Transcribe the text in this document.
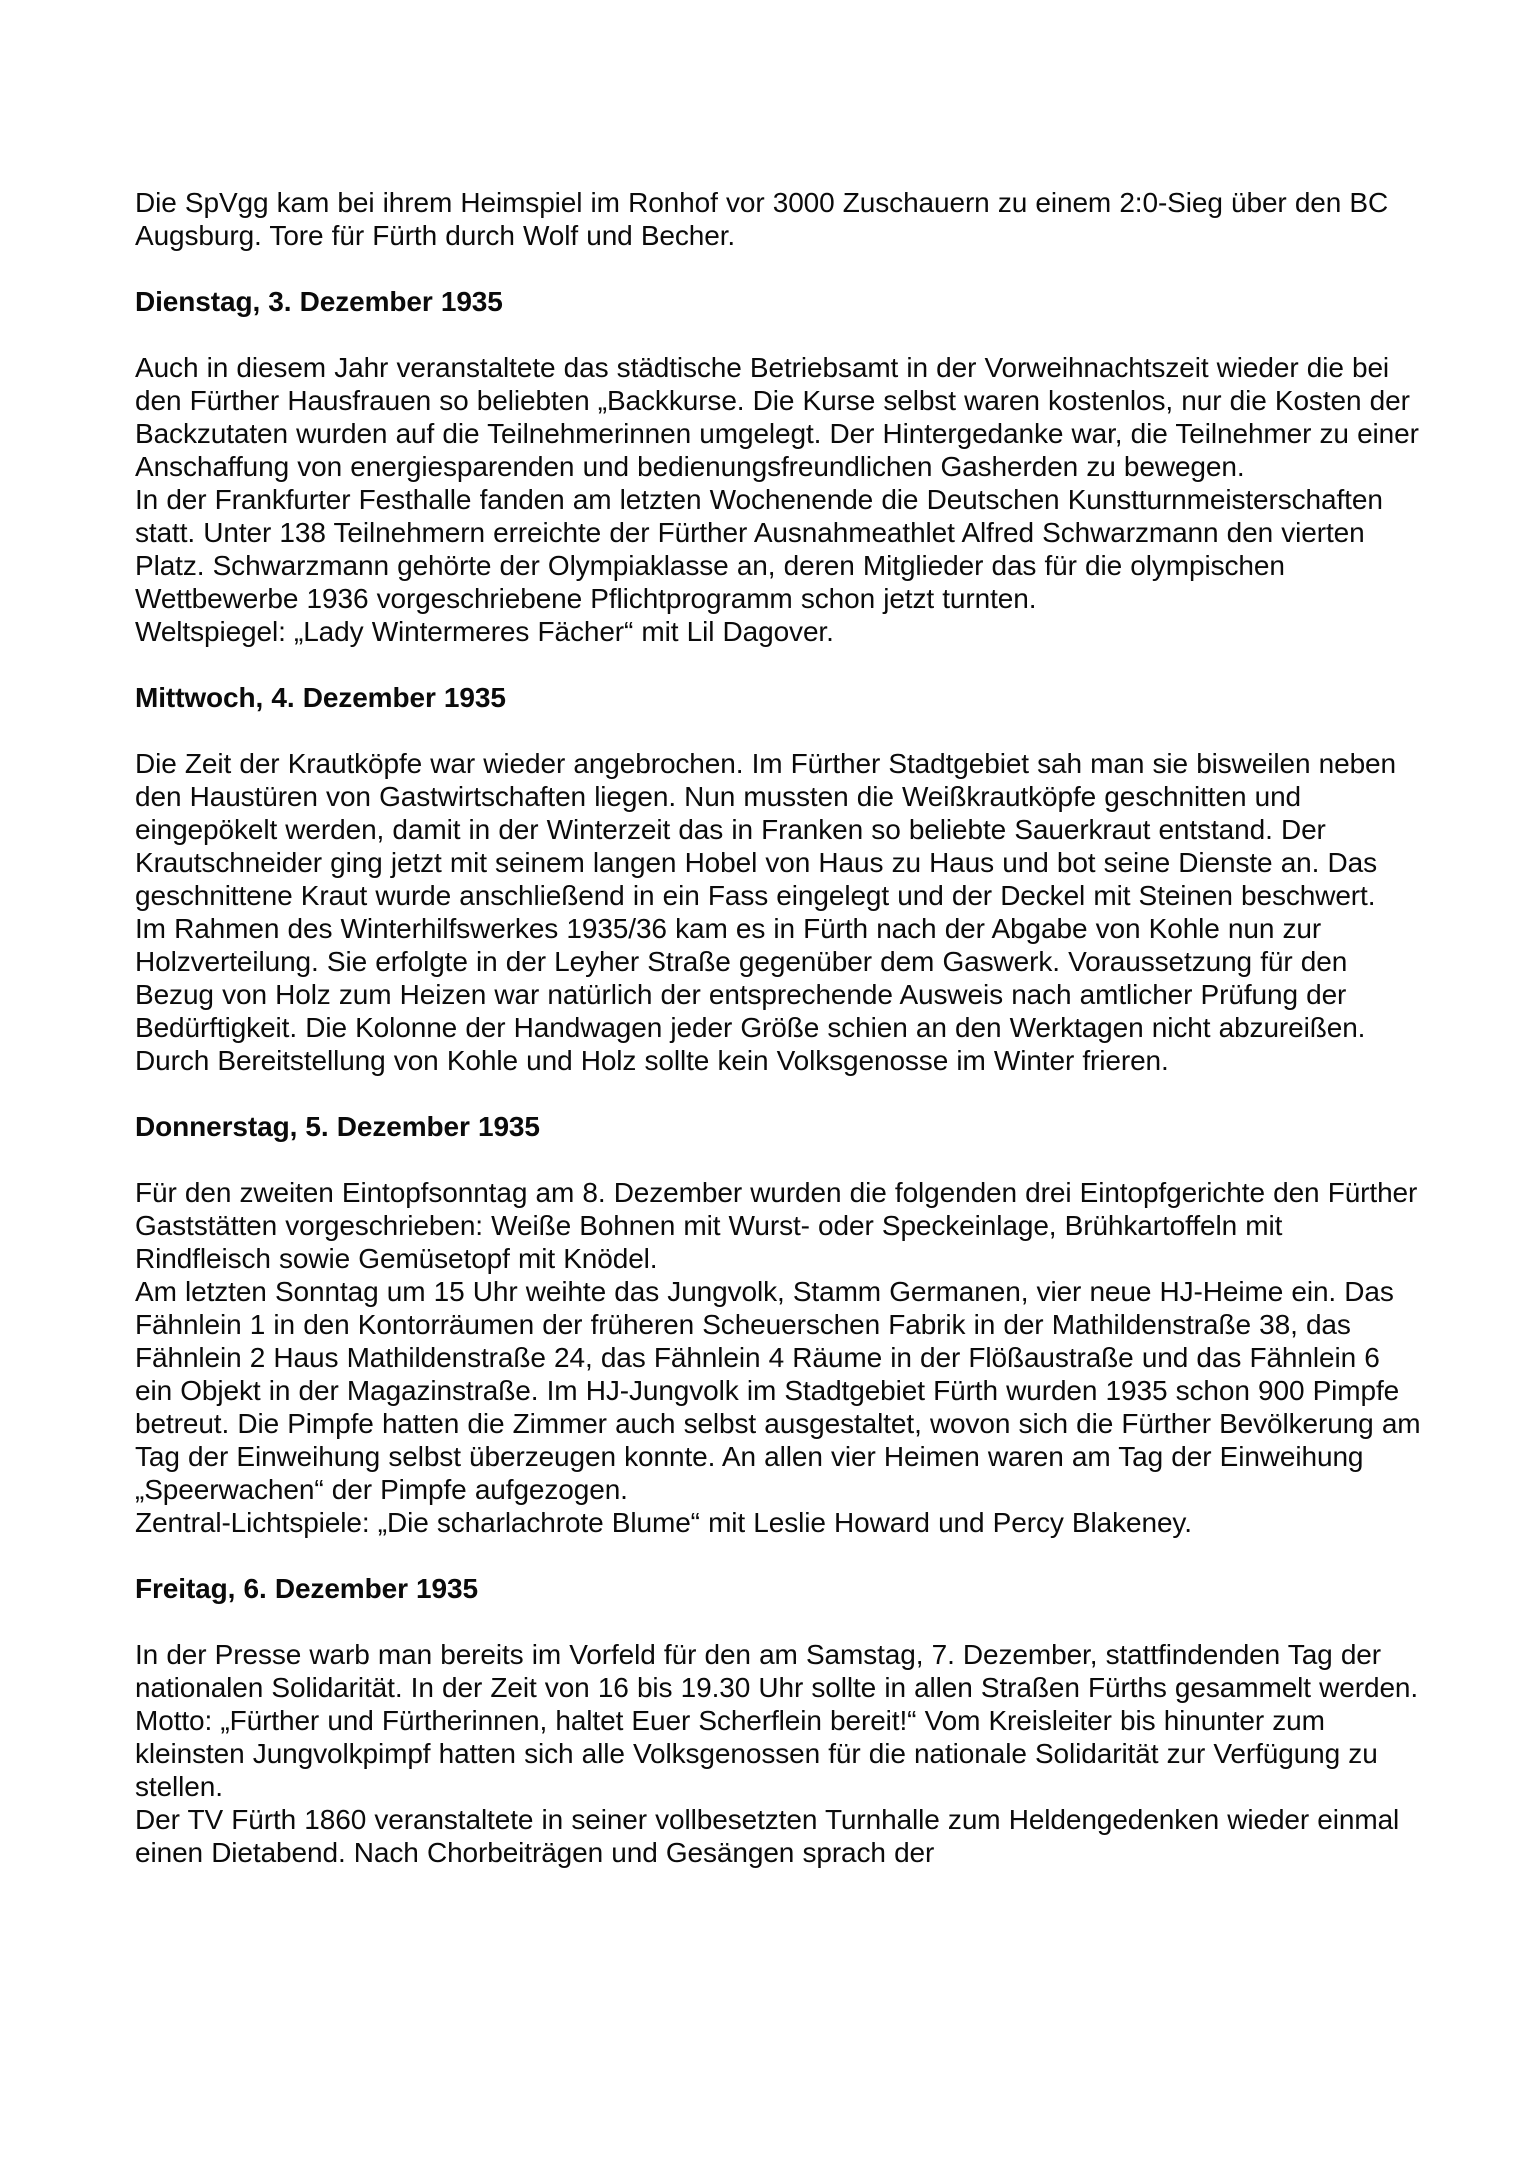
Die SpVgg kam bei ihrem Heimspiel im Ronhof vor 3000 Zuschauern zu einem 2:0-Sieg über den BC Augsburg. Tore für Fürth durch Wolf und Becher.

Dienstag, 3. Dezember 1935

Auch in diesem Jahr veranstaltete das städtische Betriebsamt in der Vorweihnachtszeit wieder die bei den Fürther Hausfrauen so beliebten „Backkurse. Die Kurse selbst waren kostenlos, nur die Kosten der Backzutaten wurden auf die Teilnehmerinnen umgelegt. Der Hintergedanke war, die Teilnehmer zu einer Anschaffung von energiesparenden und bedienungsfreundlichen Gasherden zu bewegen.

In der Frankfurter Festhalle fanden am letzten Wochenende die Deutschen Kunstturnmeisterschaften statt. Unter 138 Teilnehmern erreichte der Fürther Ausnahmeathlet Alfred Schwarzmann den vierten Platz. Schwarzmann gehörte der Olympiaklasse an, deren Mitglieder das für die olympischen Wettbewerbe 1936 vorgeschriebene Pflichtprogramm schon jetzt turnten.

Weltspiegel: „Lady Wintermeres Fächer“ mit Lil Dagover.

Mittwoch, 4. Dezember 1935

Die Zeit der Krautköpfe war wieder angebrochen. Im Fürther Stadtgebiet sah man sie bisweilen neben den Haustüren von Gastwirtschaften liegen. Nun mussten die Weißkrautköpfe geschnitten und eingepökelt werden, damit in der Winterzeit das in Franken so beliebte Sauerkraut entstand. Der Krautschneider ging jetzt mit seinem langen Hobel von Haus zu Haus und bot seine Dienste an. Das geschnittene Kraut wurde anschließend in ein Fass eingelegt und der Deckel mit Steinen beschwert.

Im Rahmen des Winterhilfswerkes 1935/36 kam es in Fürth nach der Abgabe von Kohle nun zur Holzverteilung. Sie erfolgte in der Leyher Straße gegenüber dem Gaswerk. Voraussetzung für den Bezug von Holz zum Heizen war natürlich der entsprechende Ausweis nach amtlicher Prüfung der Bedürftigkeit. Die Kolonne der Handwagen jeder Größe schien an den Werktagen nicht abzureißen. Durch Bereitstellung von Kohle und Holz sollte kein Volksgenosse im Winter frieren.

Donnerstag, 5. Dezember 1935

Für den zweiten Eintopfsonntag am 8. Dezember wurden die folgenden drei Eintopfgerichte den Fürther Gaststätten vorgeschrieben: Weiße Bohnen mit Wurst- oder Speckeinlage, Brühkartoffeln mit Rindfleisch sowie Gemüsetopf mit Knödel.

Am letzten Sonntag um 15 Uhr weihte das Jungvolk, Stamm Germanen, vier neue HJ-Heime ein. Das Fähnlein 1 in den Kontorräumen der früheren Scheuerschen Fabrik in der Mathildenstraße 38, das Fähnlein 2 Haus Mathildenstraße 24, das Fähnlein 4 Räume in der Flößaustraße und das Fähnlein 6 ein Objekt in der Magazinstraße. Im HJ-Jungvolk im Stadtgebiet Fürth wurden 1935 schon 900 Pimpfe betreut. Die Pimpfe hatten die Zimmer auch selbst ausgestaltet, wovon sich die Fürther Bevölkerung am Tag der Einweihung selbst überzeugen konnte. An allen vier Heimen waren am Tag der Einweihung „Speerwachen“ der Pimpfe aufgezogen.

Zentral-Lichtspiele: „Die scharlachrote Blume“ mit Leslie Howard und Percy Blakeney.

Freitag, 6. Dezember 1935

In der Presse warb man bereits im Vorfeld für den am Samstag, 7. Dezember, stattfindenden Tag der nationalen Solidarität. In der Zeit von 16 bis 19.30 Uhr sollte in allen Straßen Fürths gesammelt werden. Motto: „Fürther und Fürtherinnen, haltet Euer Scherflein bereit!“ Vom Kreisleiter bis hinunter zum kleinsten Jungvolkpimpf hatten sich alle Volksgenossen für die nationale Solidarität zur Verfügung zu stellen.

Der TV Fürth 1860 veranstaltete in seiner vollbesetzten Turnhalle zum Heldengedenken wieder einmal einen Dietabend. Nach Chorbeiträgen und Gesängen sprach der
